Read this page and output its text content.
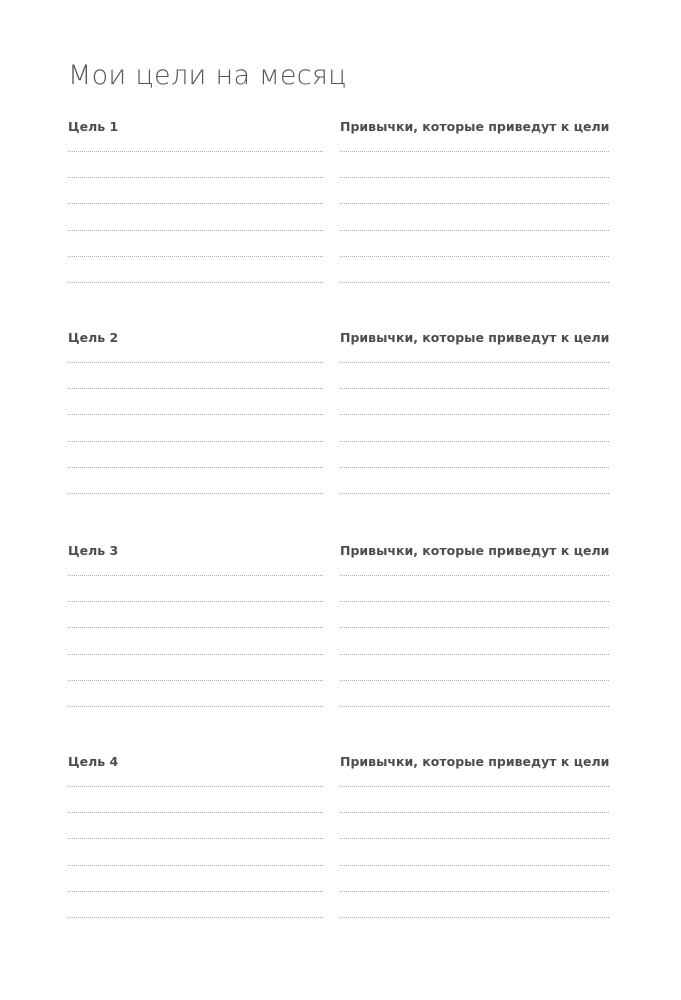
Мои цели на месяц
Цель 1	Привычки, которые приведут к цели
Цель 2	Привычки, которые приведут к цели
Цель 3	Привычки, которые приведут к цели
Цель 4	Привычки, которые приведут к цели
